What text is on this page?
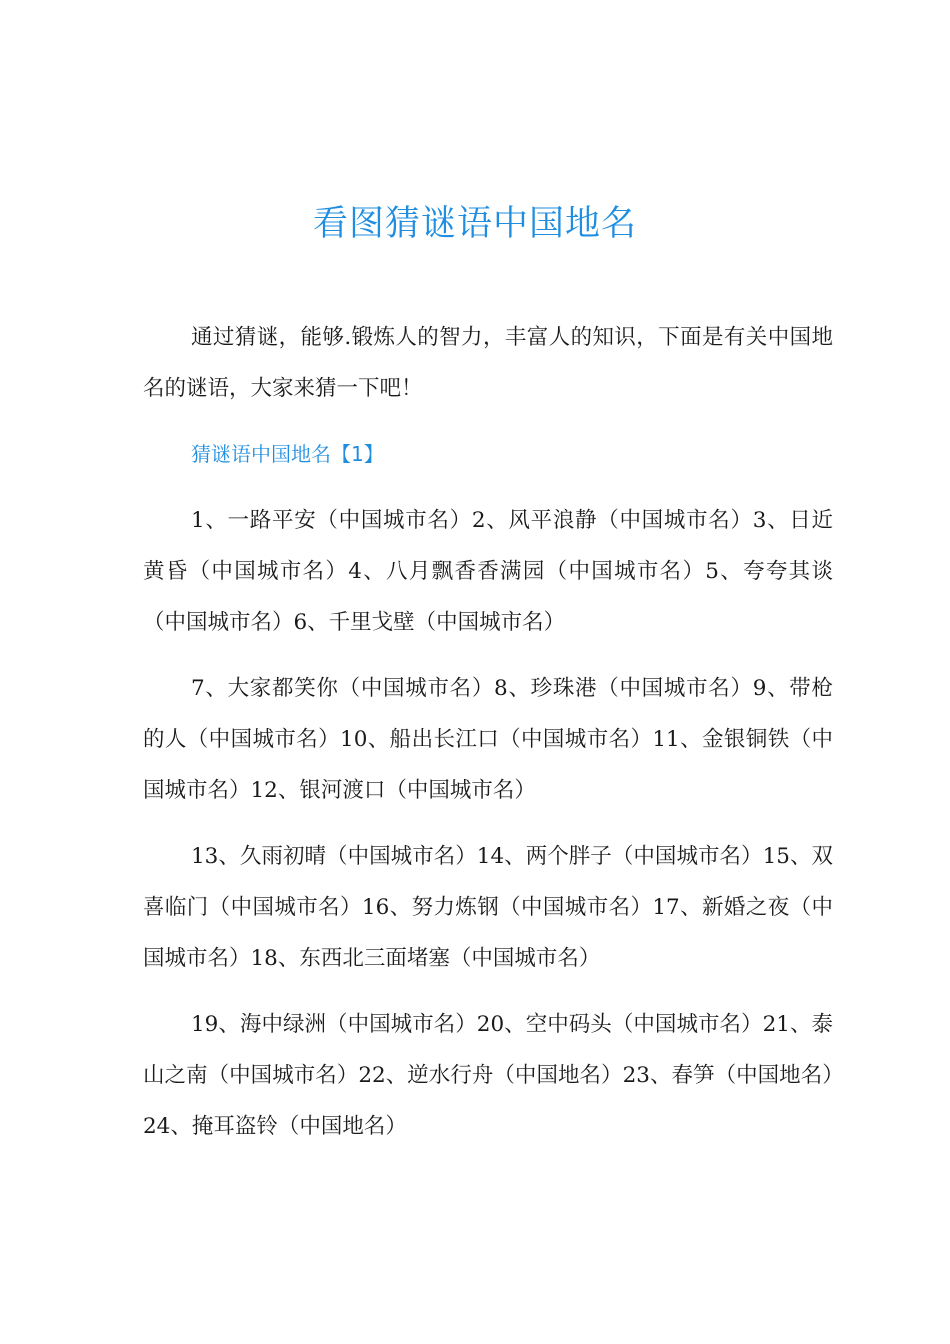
看图猜谜语中国地名

通过猜谜，能够.锻炼人的智力，丰富人的知识，下面是有关中国地名的谜语，大家来猜一下吧！

猜谜语中国地名【1】

1、一路平安（中国城市名）2、风平浪静（中国城市名）3、日近黄昏（中国城市名）4、八月飘香香满园（中国城市名）5、夸夸其谈（中国城市名）6、千里戈壁（中国城市名）

7、大家都笑你（中国城市名）8、珍珠港（中国城市名）9、带枪的人（中国城市名）10、船出长江口（中国城市名）11、金银铜铁（中国城市名）12、银河渡口（中国城市名）

13、久雨初晴（中国城市名）14、两个胖子（中国城市名）15、双喜临门（中国城市名）16、努力炼钢（中国城市名）17、新婚之夜（中国城市名）18、东西北三面堵塞（中国城市名）

19、海中绿洲（中国城市名）20、空中码头（中国城市名）21、泰山之南（中国城市名）22、逆水行舟（中国地名）23、春笋（中国地名）24、掩耳盗铃（中国地名）
